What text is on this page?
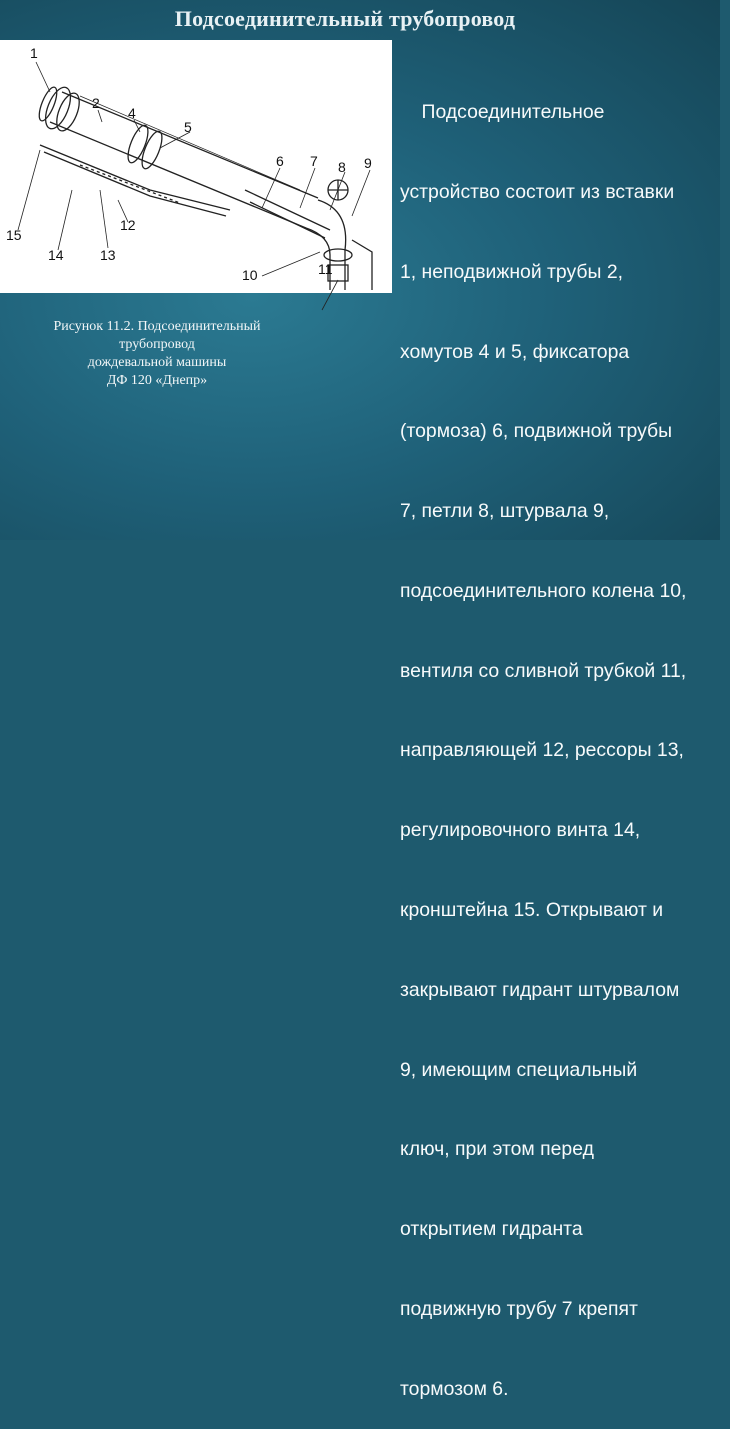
Подсоединительный трубопровод
1
2
4
5
6 7 8 9
10	11
12
13
14
15
Рисунок 11.2. Подсоединительный
трубопровод
дождевальной машины
ДФ 120 «Днепр»

Подсоединительное

устройство состоит из вставки

1, неподвижной трубы 2,

хомутов 4 и 5, фиксатора

(тормоза) 6, подвижной трубы

7, петли 8, штурвала 9,

подсоединительного колена 10,

вентиля со сливной трубкой 11,

направляющей 12, рессоры 13,

регулировочного винта 14,

кронштейна 15. Открывают и

закрывают гидрант штурвалом

9, имеющим специальный

ключ, при этом перед

открытием гидранта

подвижную трубу 7 крепят

тормозом 6.
